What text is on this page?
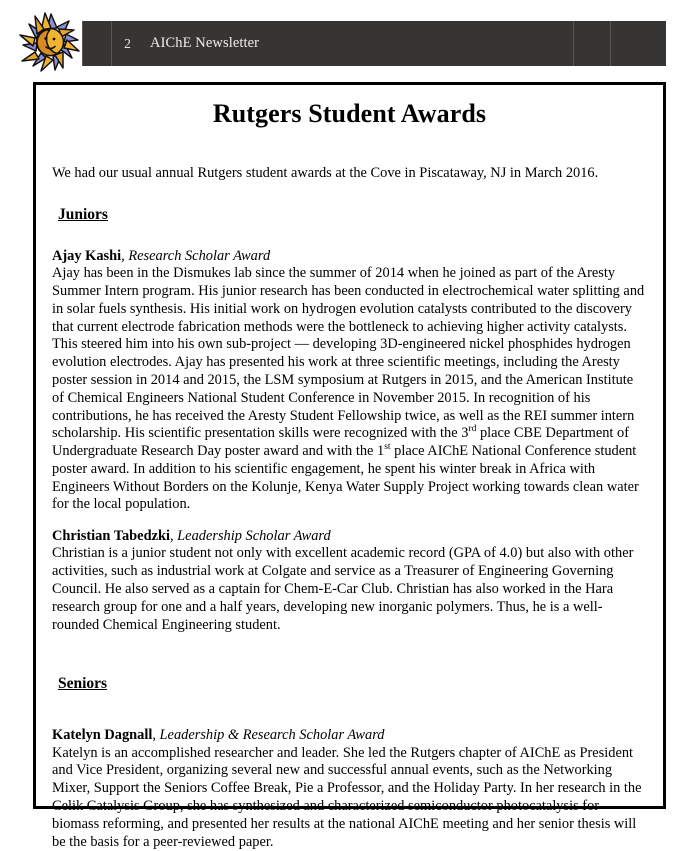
2	AIChE Newsletter
Rutgers Student Awards

We had our usual annual Rutgers student awards at the Cove in Piscataway, NJ in March 2016.

Juniors
Ajay Kashi, Research Scholar Award

Ajay has been in the Dismukes lab since the summer of 2014 when he joined as part of the Aresty Summer Intern program. His junior research has been conducted in electrochemical water splitting and in solar fuels synthesis. His initial work on hydrogen evolution catalysts contributed to the discovery that current electrode fabrication methods were the bottleneck to achieving higher activity catalysts. This steered him into his own sub-project — developing 3D-engineered nickel phosphides hydrogen evolution electrodes. Ajay has presented his work at three scientific meetings, including the Aresty poster session in 2014 and 2015, the LSM symposium at Rutgers in 2015, and the American Institute of Chemical Engineers National Student Conference in November 2015. In recognition of his contributions, he has received the Aresty Student Fellowship twice, as well as the REI summer intern scholarship. His scientific presentation skills were recognized with the 3rd place CBE Department of Undergraduate Research Day poster award and with the 1st place AIChE National Conference student poster award. In addition to his scientific engagement, he spent his winter break in Africa with Engineers Without Borders on the Kolunje, Kenya Water Supply Project working towards clean water for the local population.

Christian Tabedzki, Leadership Scholar Award

Christian is a junior student not only with excellent academic record (GPA of 4.0) but also with other activities, such as industrial work at Colgate and service as a Treasurer of Engineering Governing Council. He also served as a captain for Chem-E-Car Club. Christian has also worked in the Hara research group for one and a half years, developing new inorganic polymers. Thus, he is a well-rounded Chemical Engineering student.

Seniors
Katelyn Dagnall, Leadership & Research Scholar Award

Katelyn is an accomplished researcher and leader. She led the Rutgers chapter of AIChE as President and Vice President, organizing several new and successful annual events, such as the Networking Mixer, Support the Seniors Coffee Break, Pie a Professor, and the Holiday Party. In her research in the Celik Catalysis Group, she has synthesized and characterized semiconductor photocatalysis for biomass reforming, and presented her results at the national AIChE meeting and her senior thesis will be the basis for a peer-reviewed paper.
